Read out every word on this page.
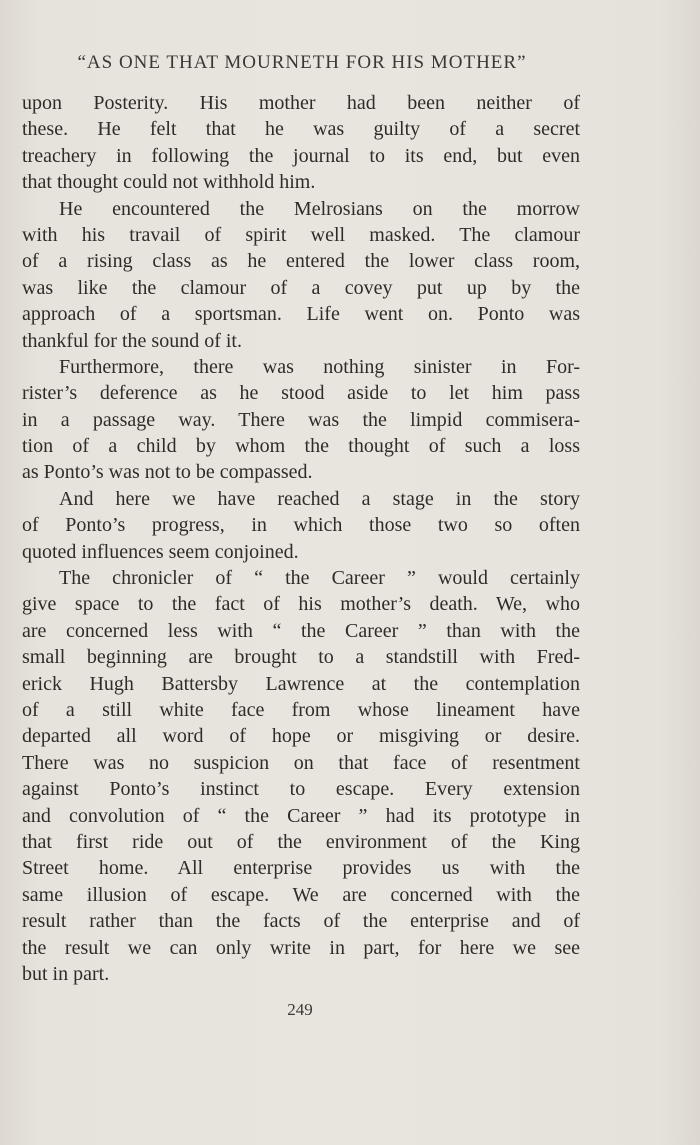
“AS ONE THAT MOURNETH FOR HIS MOTHER”
upon Posterity. His mother had been neither of
these. He felt that he was guilty of a secret
treachery in following the journal to its end, but even
that thought could not withhold him.
He encountered the Melrosians on the morrow
with his travail of spirit well masked. The clamour
of a rising class as he entered the lower class room,
was like the clamour of a covey put up by the
approach of a sportsman. Life went on. Ponto was
thankful for the sound of it.
Furthermore, there was nothing sinister in For-
rister’s deference as he stood aside to let him pass
in a passage way. There was the limpid commisera-
tion of a child by whom the thought of such a loss
as Ponto’s was not to be compassed.
And here we have reached a stage in the story
of Ponto’s progress, in which those two so often
quoted influences seem conjoined.
The chronicler of “ the Career ” would certainly
give space to the fact of his mother’s death. We, who
are concerned less with “ the Career ” than with the
small beginning are brought to a standstill with Fred-
erick Hugh Battersby Lawrence at the contemplation
of a still white face from whose lineament have
departed all word of hope or misgiving or desire.
There was no suspicion on that face of resentment
against Ponto’s instinct to escape. Every extension
and convolution of “ the Career ” had its prototype in
that first ride out of the environment of the King
Street home. All enterprise provides us with the
same illusion of escape. We are concerned with the
result rather than the facts of the enterprise and of
the result we can only write in part, for here we see
but in part.
249
